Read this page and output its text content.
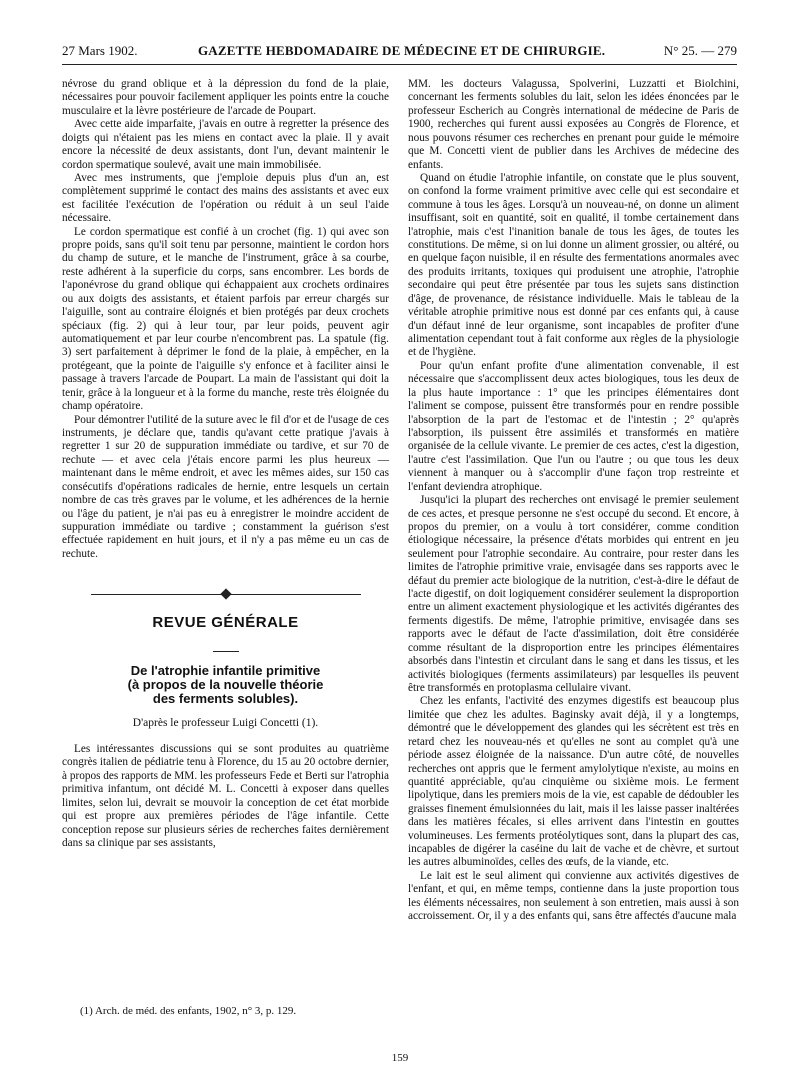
27 Mars 1902.	GAZETTE HEBDOMADAIRE DE MÉDECINE ET DE CHIRURGIE.	N° 25. — 279

névrose du grand oblique et à la dépression du fond de la plaie, nécessaires pour pouvoir facilement appliquer les points entre la couche musculaire et la lèvre postérieure de l'arcade de Poupart.

Avec cette aide imparfaite, j'avais en outre à regretter la présence des doigts qui n'étaient pas les miens en contact avec la plaie. Il y avait encore la nécessité de deux assistants, dont l'un, devant maintenir le cordon spermatique soulevé, avait une main immobilisée.

Avec mes instruments, que j'emploie depuis plus d'un an, est complètement supprimé le contact des mains des assistants et avec eux est facilitée l'exécution de l'opération ou réduit à un seul l'aide nécessaire.

Le cordon spermatique est confié à un crochet (fig. 1) qui avec son propre poids, sans qu'il soit tenu par personne, maintient le cordon hors du champ de suture, et le manche de l'instrument, grâce à sa courbe, reste adhérent à la superficie du corps, sans encombrer. Les bords de l'aponévrose du grand oblique qui échappaient aux crochets ordinaires ou aux doigts des assistants, et étaient parfois par erreur chargés sur l'aiguille, sont au contraire éloignés et bien protégés par deux crochets spéciaux (fig. 2) qui à leur tour, par leur poids, peuvent agir automatiquement et par leur courbe n'encombrent pas. La spatule (fig. 3) sert parfaitement à déprimer le fond de la plaie, à empêcher, en la protégeant, que la pointe de l'aiguille s'y enfonce et à faciliter ainsi le passage à travers l'arcade de Poupart. La main de l'assistant qui doit la tenir, grâce à la longueur et à la forme du manche, reste très éloignée du champ opératoire.

Pour démontrer l'utilité de la suture avec le fil d'or et de l'usage de ces instruments, je déclare que, tandis qu'avant cette pratique j'avais à regretter 1 sur 20 de suppuration immédiate ou tardive, et sur 70 de rechute — et avec cela j'étais encore parmi les plus heureux — maintenant dans le même endroit, et avec les mêmes aides, sur 150 cas consécutifs d'opérations radicales de hernie, entre lesquels un certain nombre de cas très graves par le volume, et les adhérences de la hernie ou l'âge du patient, je n'ai pas eu à enregistrer le moindre accident de suppuration immédiate ou tardive ; constamment la guérison s'est effectuée rapidement en huit jours, et il n'y a pas même eu un cas de rechute.

REVUE GÉNÉRALE
De l'atrophie infantile primitive
(à propos de la nouvelle théorie
des ferments solubles).
D'après le professeur Luigi Concetti (1).

Les intéressantes discussions qui se sont produites au quatrième congrès italien de pédiatrie tenu à Florence, du 15 au 20 octobre dernier, à propos des rapports de MM. les professeurs Fede et Berti sur l'atrophia primitiva infantum, ont décidé M. L. Concetti à exposer dans quelles limites, selon lui, devrait se mouvoir la conception de cet état morbide qui est propre aux premières périodes de l'âge infantile. Cette conception repose sur plusieurs séries de recherches faites dernièrement dans sa clinique par ses assistants,

MM. les docteurs Valagussa, Spolverini, Luzzatti et Biolchini, concernant les ferments solubles du lait, selon les idées énoncées par le professeur Escherich au Congrès international de médecine de Paris de 1900, recherches qui furent aussi exposées au Congrès de Florence, et nous pouvons résumer ces recherches en prenant pour guide le mémoire que M. Concetti vient de publier dans les Archives de médecine des enfants.

Quand on étudie l'atrophie infantile, on constate que le plus souvent, on confond la forme vraiment primitive avec celle qui est secondaire et commune à tous les âges. Lorsqu'à un nouveau-né, on donne un aliment insuffisant, soit en quantité, soit en qualité, il tombe certainement dans l'atrophie, mais c'est l'inanition banale de tous les âges, de toutes les constitutions. De même, si on lui donne un aliment grossier, ou altéré, ou en quelque façon nuisible, il en résulte des fermentations anormales avec des produits irritants, toxiques qui produisent une atrophie, l'atrophie secondaire qui peut être présentée par tous les sujets sans distinction d'âge, de provenance, de résistance individuelle. Mais le tableau de la véritable atrophie primitive nous est donné par ces enfants qui, à cause d'un défaut inné de leur organisme, sont incapables de profiter d'une alimentation cependant tout à fait conforme aux règles de la physiologie et de l'hygiène.

Pour qu'un enfant profite d'une alimentation convenable, il est nécessaire que s'accomplissent deux actes biologiques, tous les deux de la plus haute importance : 1° que les principes élémentaires dont l'aliment se compose, puissent être transformés pour en rendre possible l'absorption de la part de l'estomac et de l'intestin ; 2° qu'après l'absorption, ils puissent être assimilés et transformés en matière organisée de la cellule vivante. Le premier de ces actes, c'est la digestion, l'autre c'est l'assimilation. Que l'un ou l'autre ; ou que tous les deux viennent à manquer ou à s'accomplir d'une façon trop restreinte et l'enfant deviendra atrophique.

Jusqu'ici la plupart des recherches ont envisagé le premier seulement de ces actes, et presque personne ne s'est occupé du second. Et encore, à propos du premier, on a voulu à tort considérer, comme condition étiologique nécessaire, la présence d'états morbides qui entrent en jeu seulement pour l'atrophie secondaire. Au contraire, pour rester dans les limites de l'atrophie primitive vraie, envisagée dans ses rapports avec le défaut du premier acte biologique de la nutrition, c'est-à-dire le défaut de l'acte digestif, on doit logiquement considérer seulement la disproportion entre un aliment exactement physiologique et les activités digérantes des ferments digestifs. De même, l'atrophie primitive, envisagée dans ses rapports avec le défaut de l'acte d'assimilation, doit être considérée comme résultant de la disproportion entre les principes élémentaires absorbés dans l'intestin et circulant dans le sang et dans les tissus, et les activités biologiques (ferments assimilateurs) par lesquelles ils peuvent être transformés en protoplasma cellulaire vivant.

Chez les enfants, l'activité des enzymes digestifs est beaucoup plus limitée que chez les adultes. Baginsky avait déjà, il y a longtemps, démontré que le développement des glandes qui les sécrètent est très en retard chez les nouveau-nés et qu'elles ne sont au complet qu'à une période assez éloignée de la naissance. D'un autre côté, de nouvelles recherches ont appris que le ferment amylolytique n'existe, au moins en quantité appréciable, qu'au cinquième ou sixième mois. Le ferment lipolytique, dans les premiers mois de la vie, est capable de dédoubler les graisses finement émulsionnées du lait, mais il les laisse passer inaltérées dans les matières fécales, si elles arrivent dans l'intestin en gouttes volumineuses. Les ferments protéolytiques sont, dans la plupart des cas, incapables de digérer la caséine du lait de vache et de chèvre, et surtout les autres albuminoïdes, celles des œufs, de la viande, etc.

Le lait est le seul aliment qui convienne aux activités digestives de l'enfant, et qui, en même temps, contienne dans la juste proportion tous les éléments nécessaires, non seulement à son entretien, mais aussi à son accroissement. Or, il y a des enfants qui, sans être affectés d'aucune mala

(1) Arch. de méd. des enfants, 1902, n° 3, p. 129.
159
